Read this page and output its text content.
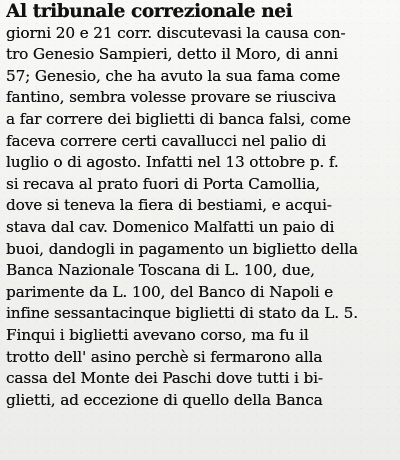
Al tribunale correzionale nei
giorni 20 e 21 corr. discutevasi la causa con-
tro Genesio Sampieri, detto il Moro, di anni
57; Genesio, che ha avuto la sua fama come
fantino, sembra volesse provare se riusciva
a far correre dei biglietti di banca falsi, come
faceva correre certi cavallucci nel palio di
luglio o di agosto. Infatti nel 13 ottobre p. f.
si recava al prato fuori di Porta Camollia,
dove si teneva la fiera di bestiami, e acqui-
stava dal cav. Domenico Malfatti un paio di
buoi, dandogli in pagamento un biglietto della
Banca Nazionale Toscana di L. 100, due,
parimente da L. 100, del Banco di Napoli e
infine sessantacinque biglietti di stato da L. 5.
Finqui i biglietti avevano corso, ma fu il
trotto dell' asino perchè si fermarono alla
cassa del Monte dei Paschi dove tutti i bi-
glietti, ad eccezione di quello della Banca
